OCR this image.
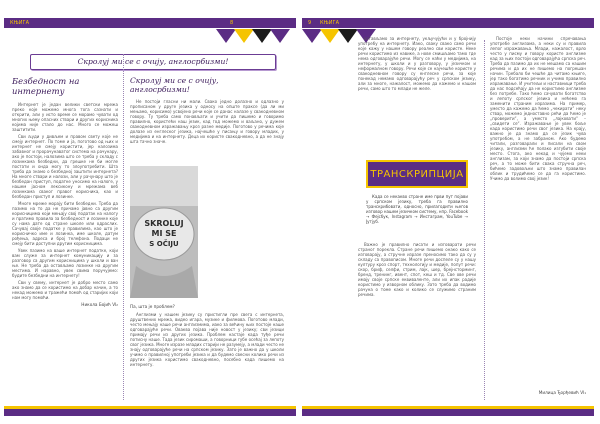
КЊИГА	8
Скролуј ми се с очију, англосрбизми!
Безбедност на
интернету

Интернет је један велики светски мрежа преко које можемо многа тога сазнати и открити, али у исто време се морамо чувати од многих њему опасних ствари и других корисника којима није стало до нас. Много се можеш заштитити.

Сви људи у дивљем и правом свету које не смеју интернет. По томе и ја, поготово од њих и интернет не смеју користити, јер налозима забавног и прорачунаватог система на рачунару, ако је постоји, налозима што се треба у складу с лозинкама безбедни, да грешке не би могле постати и онда могу то злоупотребити. Шта треба да знамо о безбедној заштити интернета? На многе ствари и налози, али у рачунару што је безбедан приступ, податке уносимо на налоге, у нашем јасном лексикону и мрежама веб лозинкама сваког правог корисника, као и безбедан приступ и лозинке.

Многе мреже морају бити безбедни. Треба да пазимо на то да не причамо јавно са другим корисницима који мењају свој податак на налогу и пратимо правила за безбедност и лозинке које су нама дате од стране школе или одраслих. Сачувај своје податке у правилима, као што је корисничко име и лозинка, име школе, датум рођења, адреса и број телефона. Подаци не смеју бити доступни другим корисницима.

Увек пазимо на ваше интернет податке, који вам служе за интернет комуникацију и за разговор са другим корисницима у школи и ван ње. Не треба да остављамо лозинке на другим местима. И наравно, увек свима поручујемо: будите безбедни на интернету!

Сви у свему, интернет је добро место само ако знамо да се користимо на добар начин, а то некад можемо и тражећи помоћ од старијих који нам могу помоћи.

Никола Бојић VI₂
Скролуј ми се с очију,
англосрбизми!

Не постоји гласни ни мали. Свако једно долазно и одлазно у прописаном у друге језика у односу на опште праксе (да ли ми мењамо, корисимо) усвојено речи које се данас налазе у свакодневном говору. Ту треба само понављати и учити да пишемо и говоримо правилно, користећи наш језик, кад год можемо и ваљано, у дужем свакодневном изражавању кроз разне медије. Поготово у речима које долазе из енглеског језика, најчешће у писању и говору младих, у медијима и на интернету. Деца их користе свакодневно, а да не знају шта тачно значе.

SKROLUJ
MI SE
S OČIJU
Па, шта је проблем?

Англизми у нашем језику су пристигли пре свега с интернета, друштвених мрежа, видео игара, музике и филмова. Поготово млади, често мењају наше речи англизмима, иако за већину њих постоје наше одговарајуће речи. Оваква појава није новост у језику; сви језици примају речи из других језика. Проблем настаје када туђе речи потисну наше. Тада језик сиромаши, а говорници губе осећај за лепоту свог језика. Многе изразе младих старији не разумеју, а млади често не знају одговарајуће речи на српском језику. Зато је важно да у школи учимо о правилној употреби језика и да будемо свесни колико речи из других језика користимо свакодневно, посебно када пишемо на интернету.

9 КЊИГА

остављамо за интернету, укључујући и у бројнију употребу на интернету. Иако, сваку свако само речи које кажу у нашем говору реално сви користе. Неке речи користимо из навике, а нове смишљамо тамо где нема одговарајуће речи. Могу се наћи у медијима, на интернету, у школи и у разговору, у језичком и неформалном говору. Речи које се најчешће користе у свакодневном говору су енглеске речи, за које понекад немамо одговарајућу реч у српском језику, али за многе, нажалост, можемо да кажемо и нашом речи, само што то млади не желе.

ТРАНСКРИПЦИЈА

Када се некакво стране име први пут појави у српском језику, треба га правилно транскрибовати, односно, прилагодити његов изговор нашем језичком систему, нпр. Facebook → Фејсбук, Instagram → Инстаграм, YouTube → Јутјуб.

Важно је правилно писати и изговарати речи страног порекла. Стране речи пишемо онако како се изговарају, а стручне изразе преносимо тако да су у складу са правописом. Многе речи доспеле су у нашу културу кроз спорт, технологију и медије, попут речи: скор, бриф, селфи, стрим, лајк, шер, брејнсторминг, бренд, тренинг, ивент, спот, кеш и тд. Све ове речи имају своје српске еквиваленте, али их ипак радије користимо у изворном облику. Зато треба да водимо рачуна о томе како и колико се служимо страним речима.

Постоје неки начини спречавања употребе англизама, а неки су и правила лепог изражавања. Млади, нажалост, врло често у писму и говору користе англизме кад за њих постоји одговарајућа српска реч. Треба да пазимо да их не мешамо са нашим речима и да их не пишемо на погрешан начин. Требало би чешће да читамо књиге, јер тако богатимо речник и учимо правилно изражавање. И учитељи и наставници треба да нас подсећају да не користимо англизме без потребе. Тако ћемо сачувати богатство и лепоту српског језика и нећемо га заменити страним изразима. На пример, уместо да кажемо да ћемо „чекирати“ неку ствар, можемо једноставно рећи да ћемо је „проверити“, а уместо „лајковати“ – „свидети се“. Изражавање је увек боље када користимо речи свог језика. На крају, важно је да знамо да се језик чува употребом, а не забраном. Ако будемо читали, разговарали и писали на свом језику, англизми ће полако изгубити своје место. Стога, ако некад и чујемо неки англизам, за који знамо да постоји српска реч, а то може бити свака стручна реч, бићемо задовољни што знамо правилан облик и трудићемо се да га користимо. Учимо да волимо свој језик!

Милица Ђорђевић VI₁
